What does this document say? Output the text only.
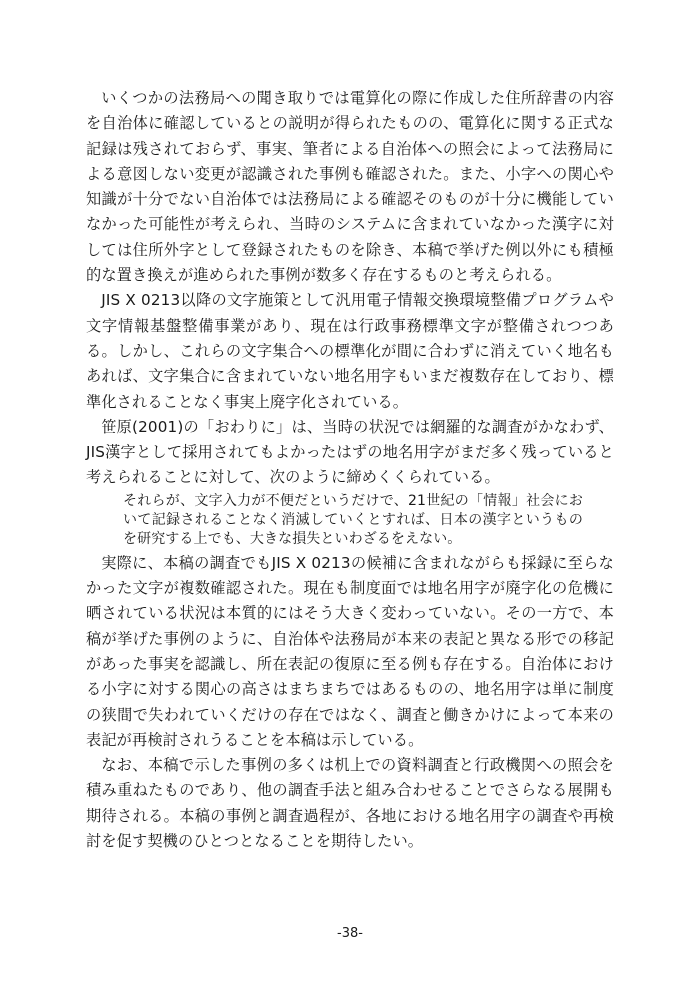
いくつかの法務局への聞き取りでは電算化の際に作成した住所辞書の内容を自治体に確認しているとの説明が得られたものの、電算化に関する正式な記録は残されておらず、事実、筆者による自治体への照会によって法務局による意図しない変更が認識された事例も確認された。また、小字への関心や知識が十分でない自治体では法務局による確認そのものが十分に機能していなかった可能性が考えられ、当時のシステムに含まれていなかった漢字に対しては住所外字として登録されたものを除き、本稿で挙げた例以外にも積極的な置き換えが進められた事例が数多く存在するものと考えられる。

JIS X 0213以降の文字施策として汎用電子情報交換環境整備プログラムや文字情報基盤整備事業があり、現在は行政事務標準文字が整備されつつある。しかし、これらの文字集合への標準化が間に合わずに消えていく地名もあれば、文字集合に含まれていない地名用字もいまだ複数存在しており、標準化されることなく事実上廃字化されている。

笹原(2001)の「おわりに」は、当時の状況では網羅的な調査がかなわず、JIS漢字として採用されてもよかったはずの地名用字がまだ多く残っていると考えられることに対して、次のように締めくくられている。

それらが、文字入力が不便だというだけで、21世紀の「情報」社会において記録されることなく消滅していくとすれば、日本の漢字というものを研究する上でも、大きな損失といわざるをえない。

実際に、本稿の調査でもJIS X 0213の候補に含まれながらも採録に至らなかった文字が複数確認された。現在も制度面では地名用字が廃字化の危機に晒されている状況は本質的にはそう大きく変わっていない。その一方で、本稿が挙げた事例のように、自治体や法務局が本来の表記と異なる形での移記があった事実を認識し、所在表記の復原に至る例も存在する。自治体における小字に対する関心の高さはまちまちではあるものの、地名用字は単に制度の狭間で失われていくだけの存在ではなく、調査と働きかけによって本来の表記が再検討されうることを本稿は示している。

なお、本稿で示した事例の多くは机上での資料調査と行政機関への照会を積み重ねたものであり、他の調査手法と組み合わせることでさらなる展開も期待される。本稿の事例と調査過程が、各地における地名用字の調査や再検討を促す契機のひとつとなることを期待したい。

-38-
